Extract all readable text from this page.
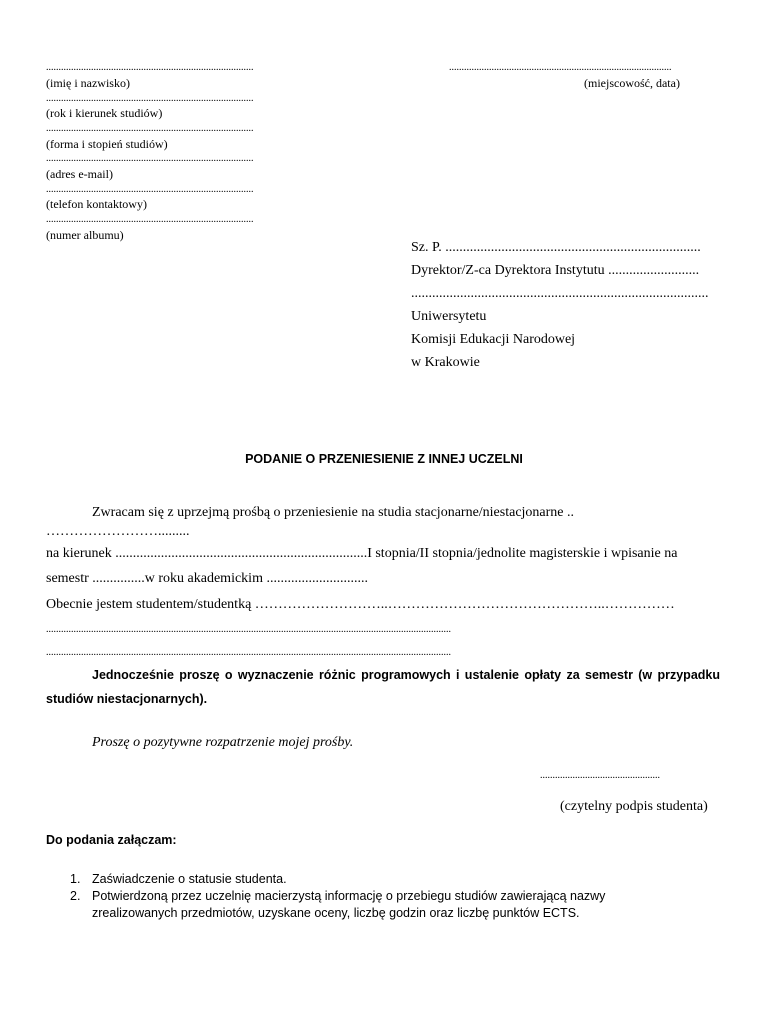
...................................................................................
(imię i nazwisko)
...................................................................................
(rok i kierunek studiów)
...................................................................................
(forma i stopień studiów)
...................................................................................
(adres e-mail)
...................................................................................
(telefon kontaktowy)
...................................................................................
(numer albumu)
.........................................................................................
(miejscowość, data)
Sz. P. .........................................................................
Dyrektor/Z-ca Dyrektora Instytutu ..........................
.....................................................................................
Uniwersytetu
Komisji Edukacji Narodowej
w Krakowie
PODANIE O PRZENIESIENIE Z INNEJ UCZELNI
Zwracam się z uprzejmą prośbą o przeniesienie na studia stacjonarne/niestacjonarne ..
…………………….........
na kierunek ........................................................................I stopnia/II stopnia/jednolite magisterskie i wpisanie na
semestr ...............w roku akademickim .............................
Obecnie jestem studentem/studentką ………………………..………………………………………..……………
..................................................................................................................................................................
..................................................................................................................................................................
Jednocześnie proszę o wyznaczenie różnic programowych i ustalenie opłaty za semestr (w przypadku
studiów niestacjonarnych).
Proszę o pozytywne rozpatrzenie mojej prośby.
................................................
(czytelny podpis studenta)
Do podania załączam:
1. Zaświadczenie o statusie studenta.
2. Potwierdzoną przez uczelnię macierzystą informację o przebiegu studiów zawierającą nazwy
zrealizowanych przedmiotów, uzyskane oceny, liczbę godzin oraz liczbę punktów ECTS.
